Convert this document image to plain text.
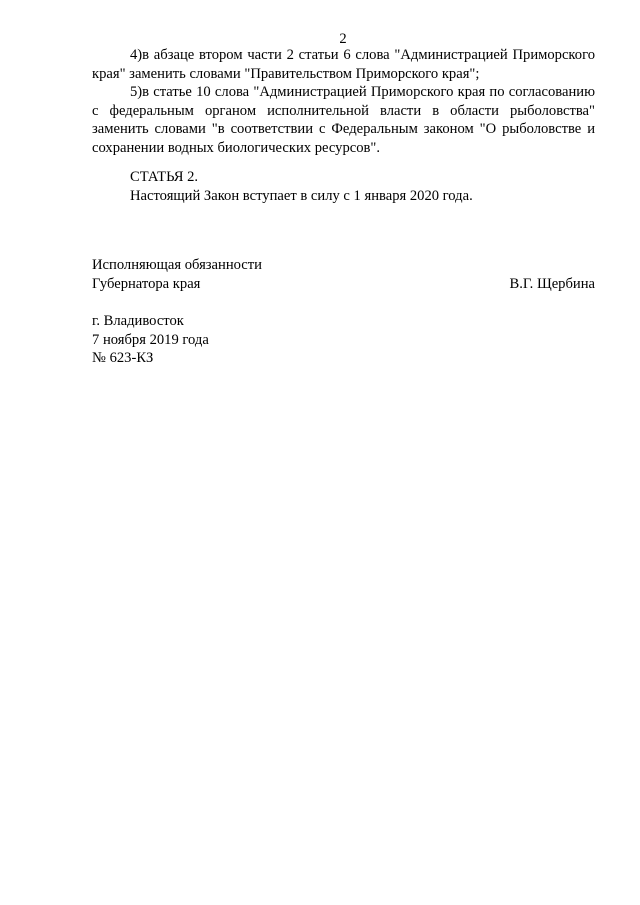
2

4)в абзаце втором части 2 статьи 6 слова "Администрацией Приморского края" заменить словами "Правительством Приморского края";

5)в статье 10 слова "Администрацией Приморского края по согласованию с федеральным органом исполнительной власти в области рыболовства" заменить словами "в соответствии с Федеральным законом "О рыболовстве и сохранении водных биологических ресурсов".

СТАТЬЯ 2.

Настоящий Закон вступает в силу с 1 января 2020 года.

Исполняющая обязанности

Губернатора края	В.Г. Щербина

г. Владивосток

7 ноября 2019 года

№ 623-КЗ
